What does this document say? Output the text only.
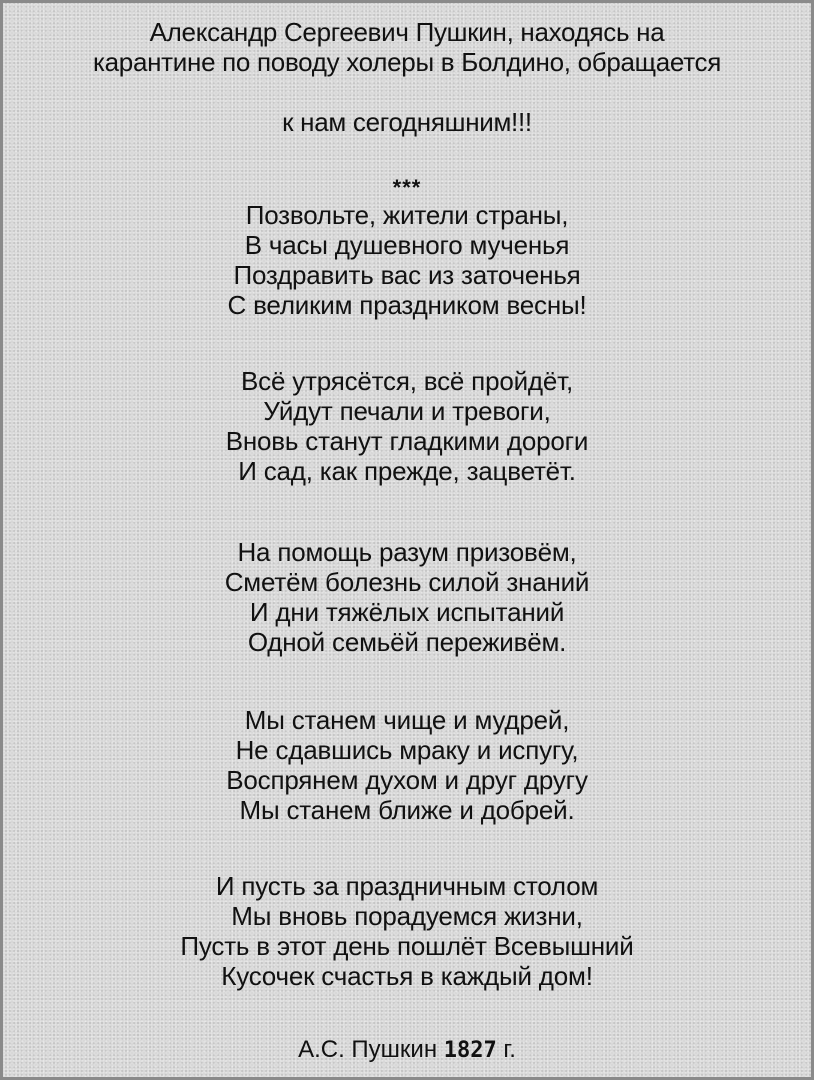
Александр Сергеевич Пушкин, находясь на
карантине по поводу холеры в Болдино, обращается
к нам сегодняшним!!!
***
Позвольте, жители страны,
В часы душевного мученья
Поздравить вас из заточенья
С великим праздником весны!
Всё утрясётся, всё пройдёт,
Уйдут печали и тревоги,
Вновь станут гладкими дороги
И сад, как прежде, зацветёт.
На помощь разум призовём,
Сметём болезнь силой знаний
И дни тяжёлых испытаний
Одной семьёй переживём.
Мы станем чище и мудрей,
Не сдавшись мраку и испугу,
Воспрянем духом и друг другу
Мы станем ближе и добрей.
И пусть за праздничным столом
Мы вновь порадуемся жизни,
Пусть в этот день пошлёт Всевышний
Кусочек счастья в каждый дом!
А.С. Пушкин 1827 г.
